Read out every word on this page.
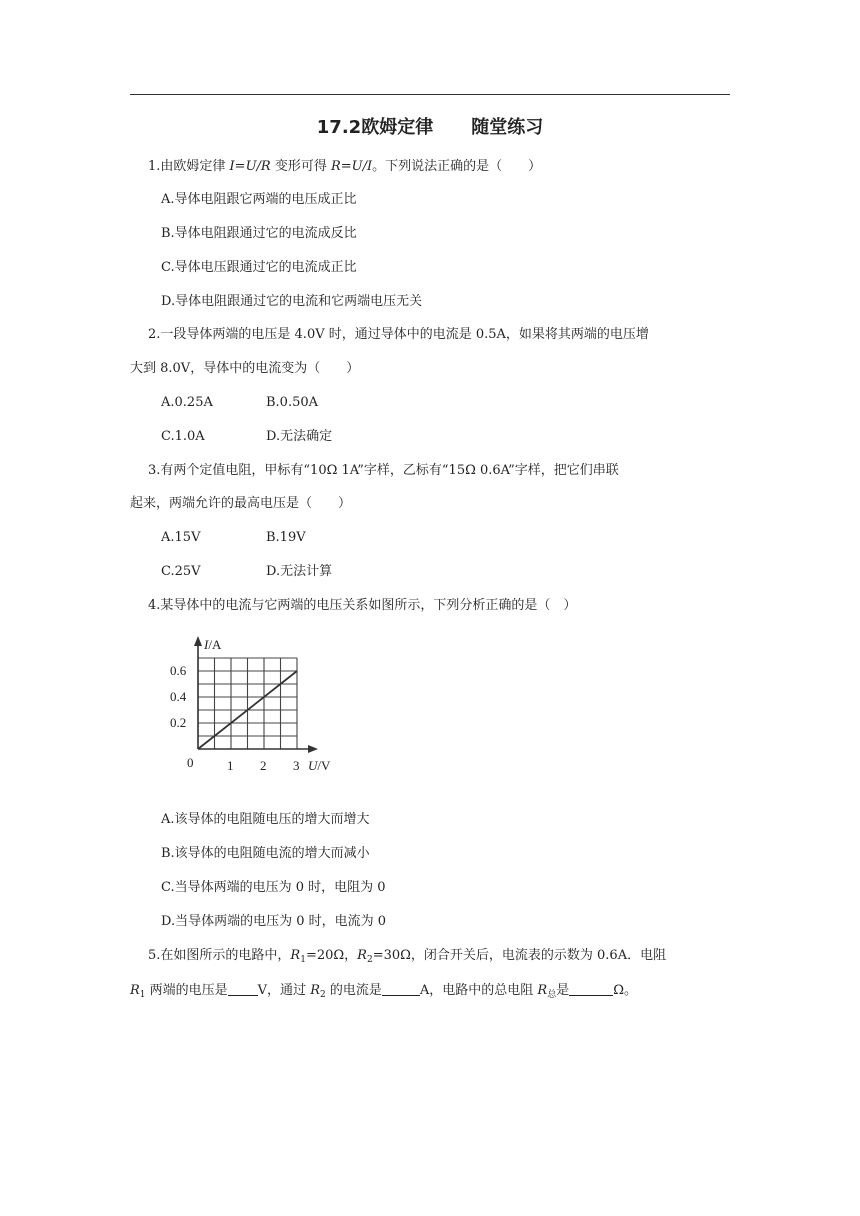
17.2欧姆定律 随堂练习
1.由欧姆定律 I=U/R 变形可得 R=U/I。下列说法正确的是（　　）
A.导体电阻跟它两端的电压成正比
B.导体电阻跟通过它的电流成反比
C.导体电压跟通过它的电流成正比
D.导体电阻跟通过它的电流和它两端电压无关
2.一段导体两端的电压是 4.0V 时，通过导体中的电流是 0.5A，如果将其两端的电压增
大到 8.0V，导体中的电流变为（　　）
A.0.25A	B.0.50A
C.1.0A	D.无法确定
3.有两个定值电阻，甲标有“10Ω 1A”字样，乙标有“15Ω 0.6A”字样，把它们串联
起来，两端允许的最高电压是（　　）
A.15V	B.19V
C.25V	D.无法计算
4.某导体中的电流与它两端的电压关系如图所示，下列分析正确的是（　）
1 2 3
0.2
0.4
0.6
I/A
U/V
0
A.该导体的电阻随电压的增大而增大
B.该导体的电阻随电流的增大而减小
C.当导体两端的电压为 0 时，电阻为 0
D.当导体两端的电压为 0 时，电流为 0
5.在如图所示的电路中，$R_1=20\Omega$，$R_2=30\Omega$，闭合开关后，电流表的示数为 0.6A．电阻
$R_1$ 两端的电压是 V，通过 $R_2$ 的电流是	A，电路中的总电阻 $R_总$是	Ω。
